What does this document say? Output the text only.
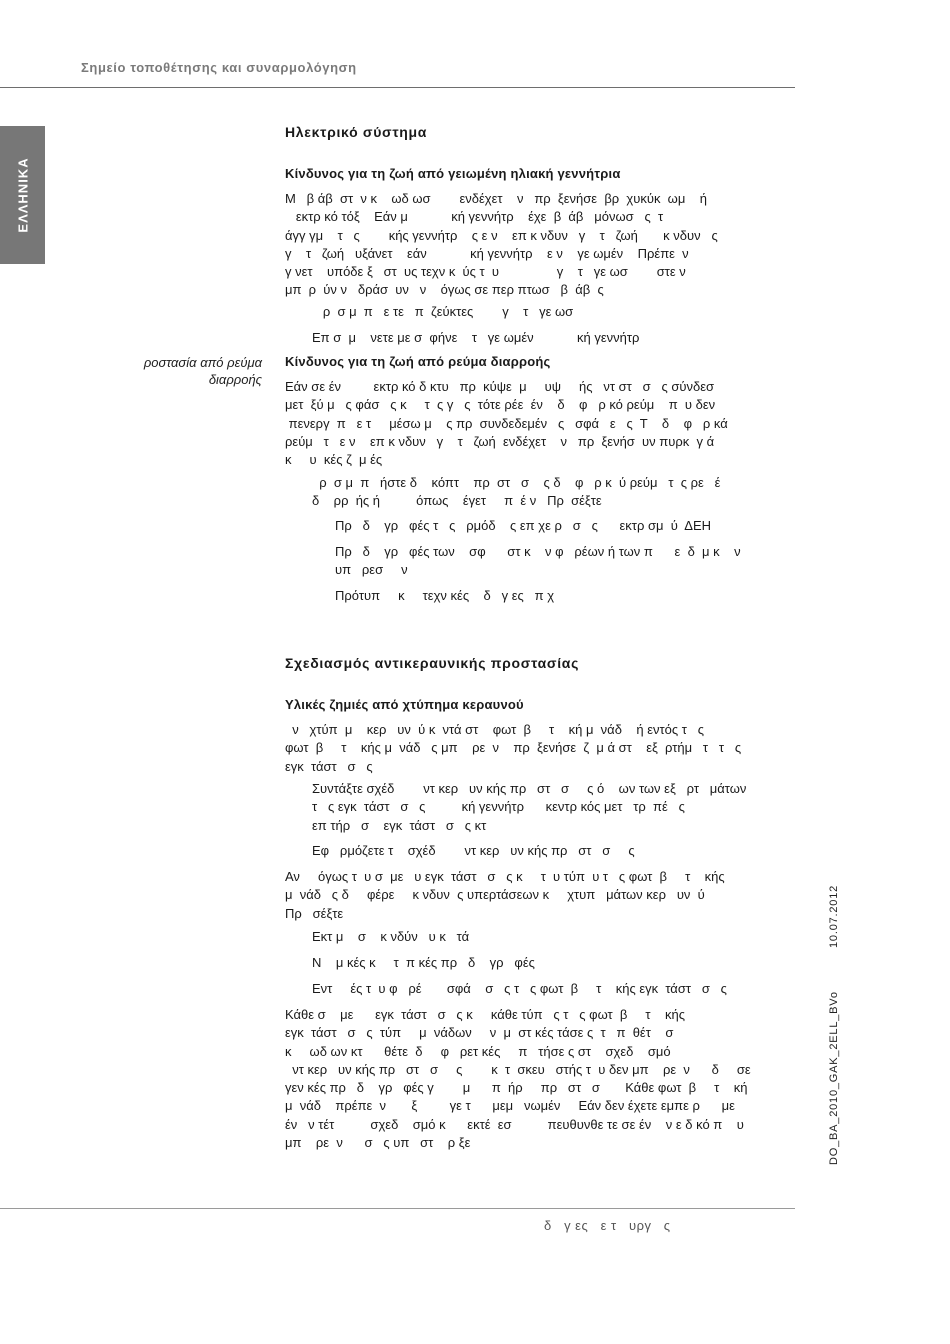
Σημείο τοποθέτησης και συναρμολόγηση
ΕΛΛΗΝΙΚΑ
ροστασία από ρεύμα
διαρροής
Ηλεκτρικό σύστημα
Κίνδυνος για τη ζωή από γειωμένη ηλιακή γεννήτρια
Μ   β άβ  στ  ν κ    ωδ ωσ        ενδέχετ    ν   πρ  ξενήσε  βρ  χυκύκ  ωμ    ή
εκτρ κό τόξ    Εάν μ            κή γεννήτρ    έχε  β  άβ   μόνωσ   ς  τ
άγγ γμ    τ   ς        κής γεννήτρ    ς ε ν    επ κ νδυν   γ    τ   ζωή       κ νδυν   ς
γ    τ   ζωή   υξάνετ    εάν            κή γεννήτρ    ε ν    γε ωμέν    Πρέπε  ν
γ νετ    υπόδε ξ   στ  υς τεχν κ  ύς τ  υ                γ    τ   γε ωσ        στε ν
μπ  ρ  ύν ν   δράσ  υν   ν    όγως σε περ πτωσ   β  άβ  ς
ρ  σ μ  π   ε τε   π  ζεύκτες        γ    τ   γε ωσ
Επ σ  μ    νετε με σ  φήνε    τ   γε ωμέν            κή γεννήτρ
Κίνδυνος για τη ζωή από ρεύμα διαρροής
Εάν σε έν         εκτρ κό δ κτυ   πρ  κύψε  μ     υψ     ής   ντ στ   σ   ς σύνδεσ
μετ  ξύ μ   ς φάσ   ς κ     τ  ς γ   ς  τότε ρέε  έν    δ    φ   ρ κό ρεύμ    π  υ δεν
πενεργ  π   ε τ     μέσω μ    ς πρ  συνδεδεμέν   ς   σφά   ε   ς  Τ    δ    φ   ρ κά
ρεύμ   τ   ε ν    επ κ νδυν   γ    τ   ζωή  ενδέχετ    ν   πρ  ξενήσ  υν πυρκ  γ ά
κ     υ  κές ζ  μ ές
ρ  σ μ  π   ήστε δ    κόπτ    πρ  στ   σ    ς δ    φ   ρ κ  ύ ρεύμ   τ  ς ρε   έ
δ    ρρ  ής ή          όπως    έγετ     π  έ ν   Πρ  σέξτε
Πρ   δ    γρ   φές τ   ς   ρμόδ    ς επ χε ρ   σ   ς      εκτρ σμ  ύ  ΔΕΗ
Πρ   δ    γρ   φές των    σφ      στ κ    ν φ   ρέων ή των π      ε  δ  μ κ    ν
υπ   ρεσ     ν
Πρότυπ     κ     τεχν κές    δ   γ ες   π χ
Σχεδιασμός αντικεραυνικής προστασίας
Υλικές ζημιές από χτύπημα κεραυνού
ν   χτύπ  μ    κερ   υν  ύ κ  ντά στ    φωτ  β     τ    κή μ  νάδ    ή εντός τ   ς
φωτ  β     τ    κής μ  νάδ   ς μπ    ρε  ν    πρ  ξενήσε  ζ  μ ά στ    εξ  ρτήμ   τ   τ   ς
εγκ  τάστ   σ   ς
Συντάξτε σχέδ        ντ κερ   υν κής πρ   στ   σ     ς ό    ων των εξ   ρτ   μάτων
τ   ς εγκ  τάστ   σ   ς          κή γεννήτρ      κεντρ κός μετ   τρ  πέ   ς
επ τήρ   σ    εγκ  τάστ   σ   ς κτ
Εφ   ρμόζετε τ    σχέδ        ντ κερ   υν κής πρ   στ   σ     ς
Αν     όγως τ  υ σ  με   υ εγκ  τάστ   σ   ς κ     τ  υ τύπ  υ τ   ς φωτ  β     τ    κής
μ  νάδ   ς δ     φέρε     κ νδυν  ς υπερτάσεων κ     χτυπ   μάτων κερ   υν  ύ
Πρ   σέξτε
Εκτ μ    σ    κ νδύν   υ κ   τά
Ν    μ κές κ     τ  π κές πρ   δ    γρ   φές
Εντ     ές τ  υ φ   ρέ       σφά    σ   ς τ   ς φωτ  β     τ    κής εγκ  τάστ   σ   ς
Κάθε σ    με      εγκ  τάστ   σ   ς κ     κάθε τύπ   ς τ   ς φωτ  β     τ    κής
εγκ  τάστ   σ   ς  τύπ     μ  νάδων     ν  μ  στ κές τάσε ς  τ   π  θέτ    σ
κ     ωδ ων κτ      θέτε  δ     φ   ρετ κές     π   τήσε ς στ    σχεδ    σμό
ντ κερ   υν κής πρ   στ   σ     ς        κ  τ  σκευ   στής τ  υ δεν μπ    ρε  ν      δ     σε
γεν κές πρ   δ    γρ   φές γ        μ      π  ήρ     πρ   στ   σ       Κάθε φωτ  β     τ    κή
μ  νάδ    πρέπε  ν       ξ         γε τ      μεμ   νωμέν     Εάν δεν έχετε εμπε ρ      με
έν   ν τέτ          σχεδ    σμό κ      εκτέ  εσ          πευθυνθε τε σε έν    ν ε δ κό π    υ
μπ    ρε  ν      σ   ς υπ   στ    ρ ξε
10.07.2012
DO_BA_2010_GAK_2ELL_BVo
δ   γ ες   ε τ   υργ   ς
